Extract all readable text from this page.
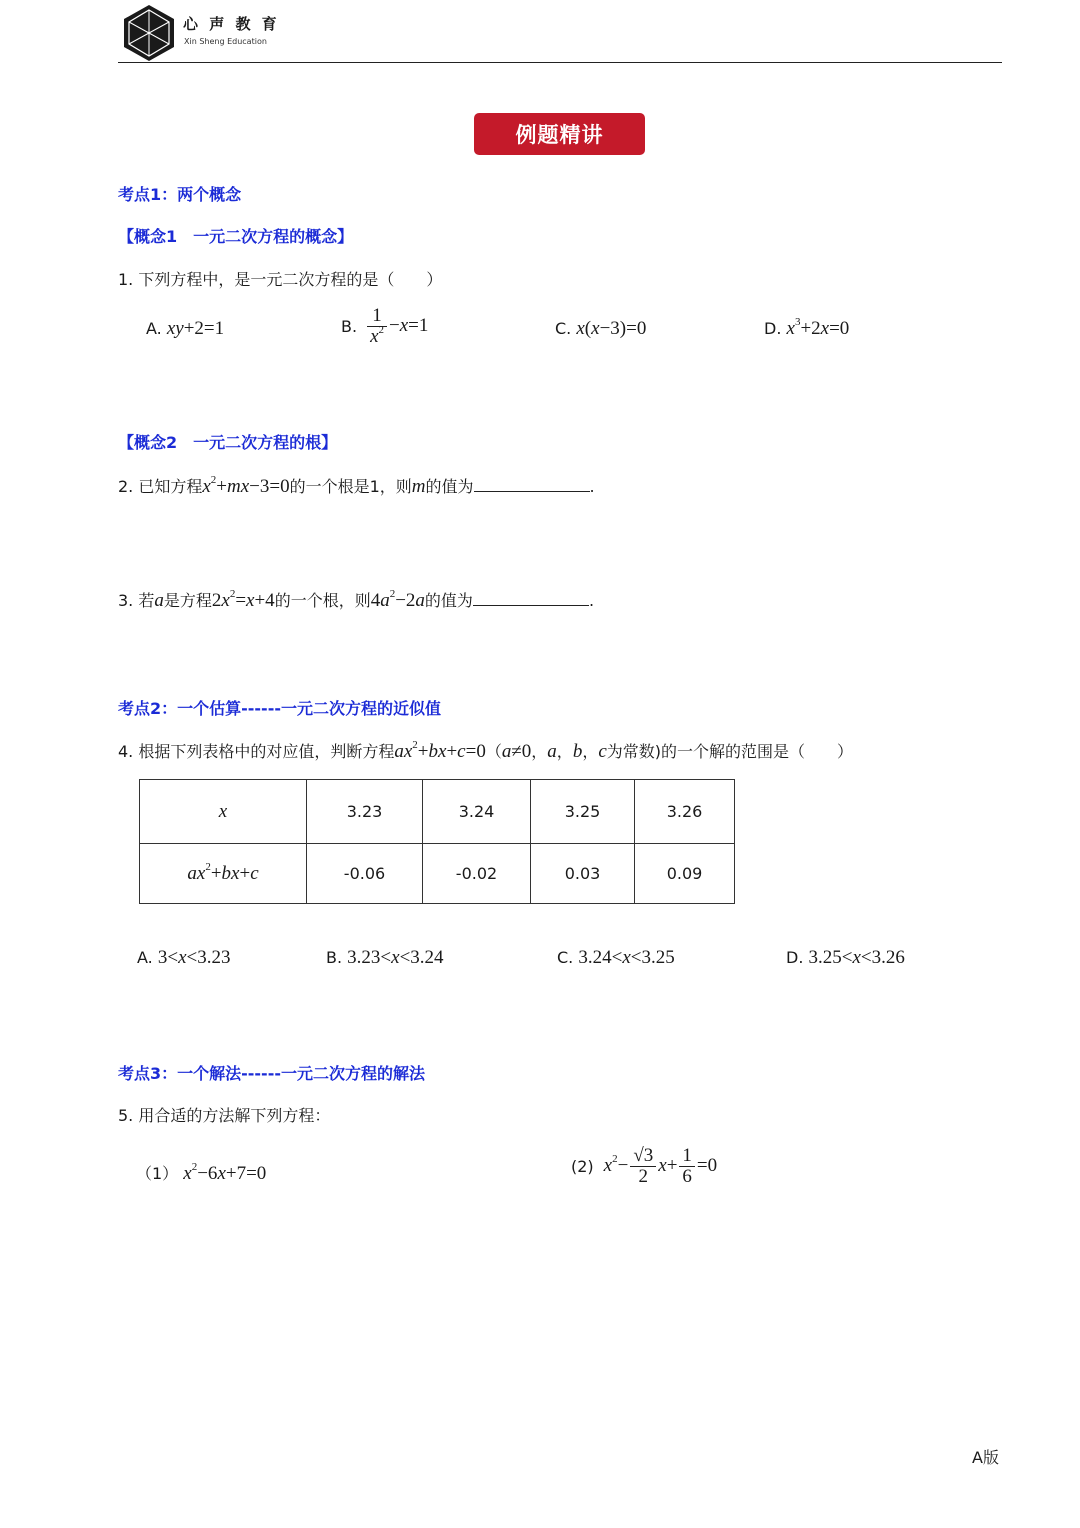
心 声 教 育
Xin Sheng Education
例题精讲
考点1：两个概念
【概念1　一元二次方程的概念】
1. 下列方程中，是一元二次方程的是（　　）
A. xy+2=1	B. $\frac{1}{x^2} -x=1$	C. x(x−3)=0	D. $x^3+2x=0$
【概念2　一元二次方程的根】
2. 已知方程$x^2+mx-3=0$的一个根是1，则m的值为	.
3. 若a是方程$2x^2=x+4$的一个根，则$4a^2-2a$的值为	.
考点2：一个估算------一元二次方程的近似值
4. 根据下列表格中的对应值，判断方程$ax^2+bx+c=0(a\ne 0$，a，b，c为常数)的一个解的范围是（　　）
x	3.23	3.24	3.25	3.26
$ax^2+bx+c$	-0.06	-0.02	0.03	0.09
A. 3<x<3.23	B. 3.23<x<3.24	C. 3.24<x<3.25	D. 3.25<x<3.26
考点3：一个解法------一元二次方程的解法
5. 用合适的方法解下列方程：
（1） $x^2-6x+7=0$	(2) $x^2- \frac{√3}{2} x+ \frac{1}{6} =0$
A版
